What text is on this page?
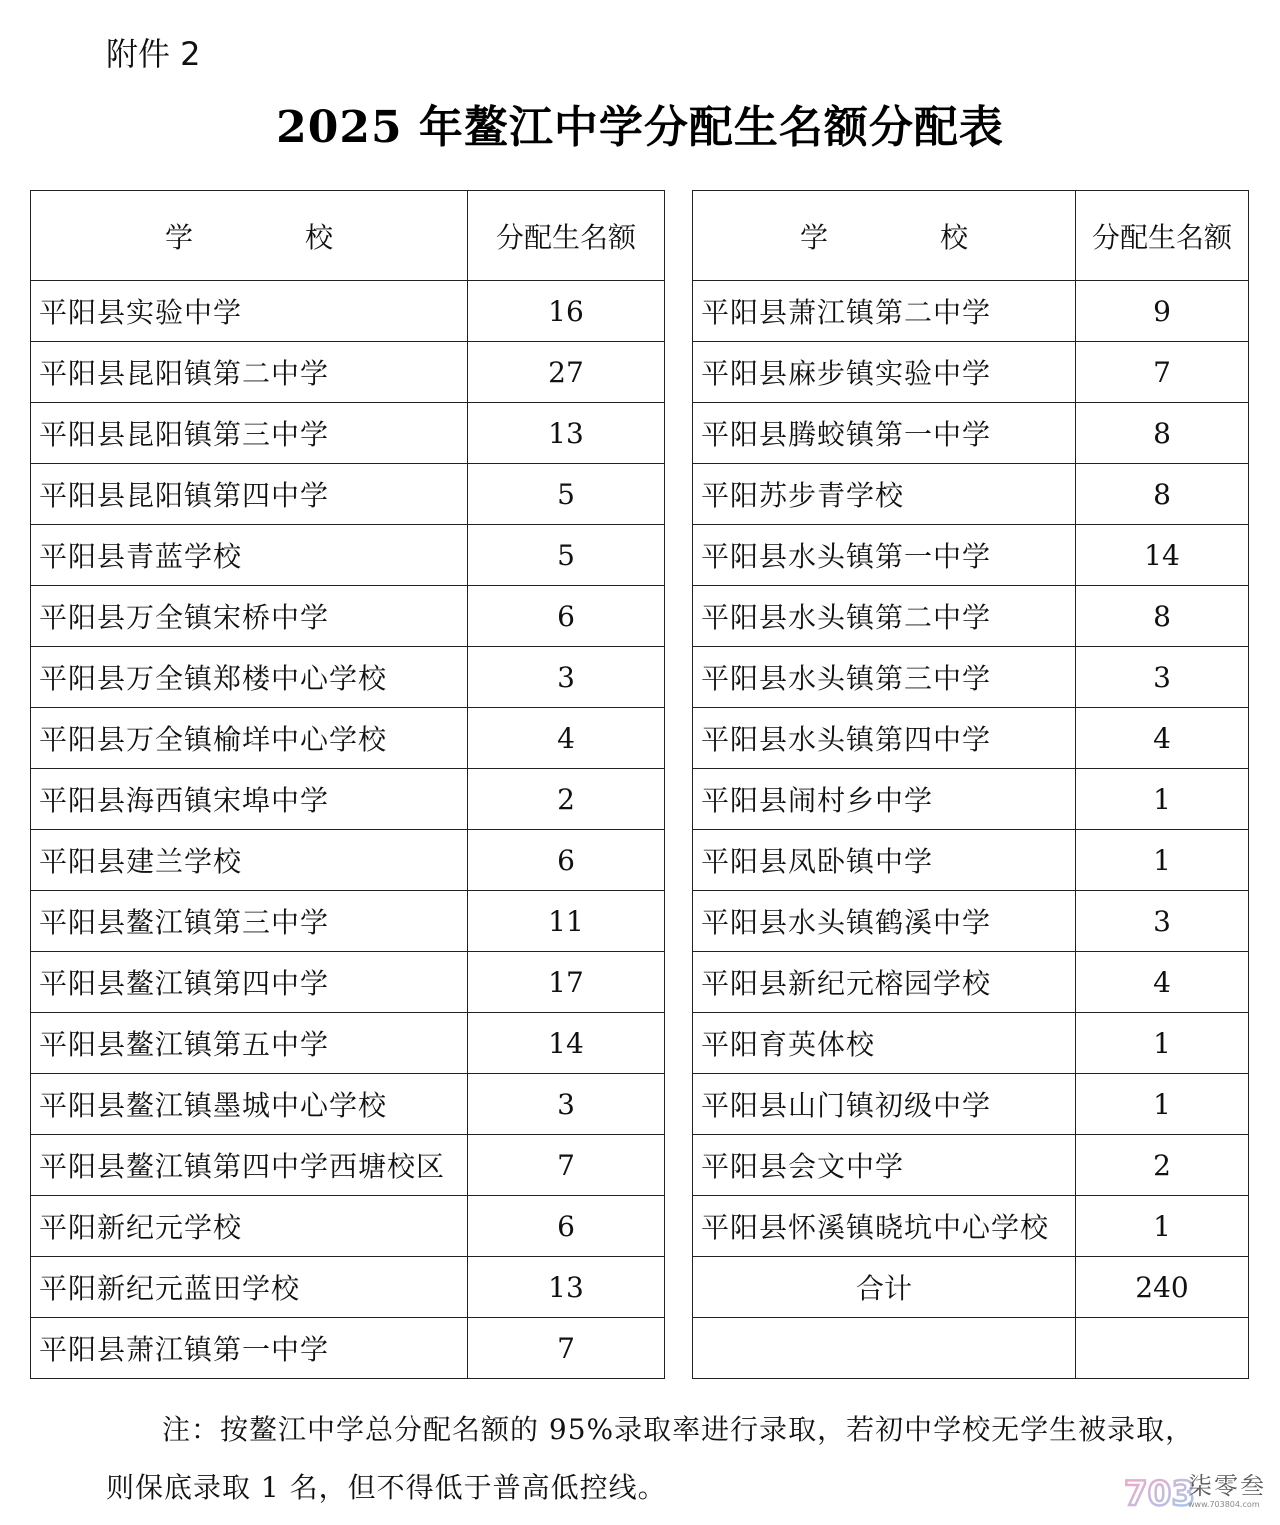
附件 2
2025 年鳌江中学分配生名额分配表
学　校	分配生名额
平阳县实验中学	16
平阳县昆阳镇第二中学	27
平阳县昆阳镇第三中学	13
平阳县昆阳镇第四中学	5
平阳县青蓝学校	5
平阳县万全镇宋桥中学	6
平阳县万全镇郑楼中心学校	3
平阳县万全镇榆垟中心学校	4
平阳县海西镇宋埠中学	2
平阳县建兰学校	6
平阳县鳌江镇第三中学	11
平阳县鳌江镇第四中学	17
平阳县鳌江镇第五中学	14
平阳县鳌江镇墨城中心学校	3
平阳县鳌江镇第四中学西塘校区	7
平阳新纪元学校	6
平阳新纪元蓝田学校	13
平阳县萧江镇第一中学	7
学　校	分配生名额
平阳县萧江镇第二中学	9
平阳县麻步镇实验中学	7
平阳县腾蛟镇第一中学	8
平阳苏步青学校	8
平阳县水头镇第一中学	14
平阳县水头镇第二中学	8
平阳县水头镇第三中学	3
平阳县水头镇第四中学	4
平阳县闹村乡中学	1
平阳县凤卧镇中学	1
平阳县水头镇鹤溪中学	3
平阳县新纪元榕园学校	4
平阳育英体校	1
平阳县山门镇初级中学	1
平阳县会文中学	2
平阳县怀溪镇晓坑中心学校	1
合计	240

注：按鳌江中学总分配名额的 95%录取率进行录取，若初中学校无学生被录取，
则保底录取 1 名，但不得低于普高低控线。	703
柒零叁
www.703804.com
